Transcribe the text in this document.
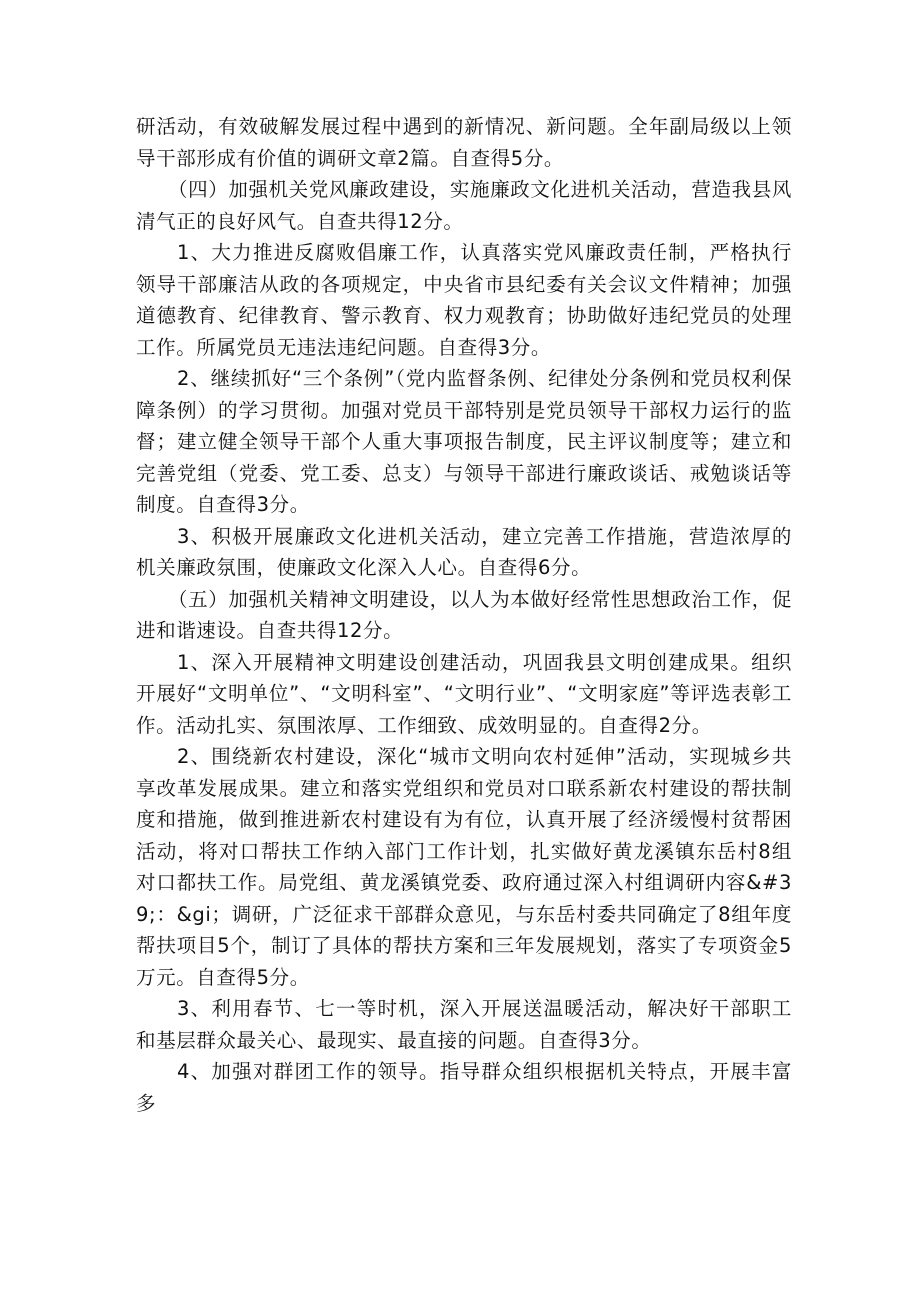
研活动，有效破解发展过程中遇到的新情况、新问题。全年副局级以上领导干部形成有价值的调研文章2篇。自查得5分。

（四）加强机关党风廉政建设，实施廉政文化进机关活动，营造我县风清气正的良好风气。自查共得12分。

1、大力推进反腐败倡廉工作，认真落实党风廉政责任制，严格执行领导干部廉洁从政的各项规定，中央省市县纪委有关会议文件精神；加强道德教育、纪律教育、警示教育、权力观教育；协助做好违纪党员的处理工作。所属党员无违法违纪问题。自查得3分。

2、继续抓好“三个条例”（党内监督条例、纪律处分条例和党员权利保障条例）的学习贯彻。加强对党员干部特别是党员领导干部权力运行的监督；建立健全领导干部个人重大事项报告制度，民主评议制度等；建立和完善党组（党委、党工委、总支）与领导干部进行廉政谈话、戒勉谈话等制度。自查得3分。

3、积极开展廉政文化进机关活动，建立完善工作措施，营造浓厚的机关廉政氛围，使廉政文化深入人心。自查得6分。

（五）加强机关精神文明建设，以人为本做好经常性思想政治工作，促进和谐速设。自查共得12分。

1、深入开展精神文明建设创建活动，巩固我县文明创建成果。组织开展好“文明单位”、“文明科室”、“文明行业”、“文明家庭”等评选表彰工作。活动扎实、氛围浓厚、工作细致、成效明显的。自查得2分。

2、围绕新农村建设，深化“城市文明向农村延伸”活动，实现城乡共享改革发展成果。建立和落实党组织和党员对口联系新农村建设的帮扶制度和措施，做到推进新农村建设有为有位，认真开展了经济缓慢村贫帮困活动，将对口帮扶工作纳入部门工作计划，扎实做好黄龙溪镇东岳村8组对口都扶工作。局党组、黄龙溪镇党委、政府通过深入村组调研内容&#39;：&gi；调研，广泛征求干部群众意见，与东岳村委共同确定了8组年度帮扶项目5个，制订了具体的帮扶方案和三年发展规划，落实了专项资金5万元。自查得5分。

3、利用春节、七一等时机，深入开展送温暖活动，解决好干部职工和基层群众最关心、最现实、最直接的问题。自查得3分。

4、加强对群团工作的领导。指导群众组织根据机关特点，开展丰富多
